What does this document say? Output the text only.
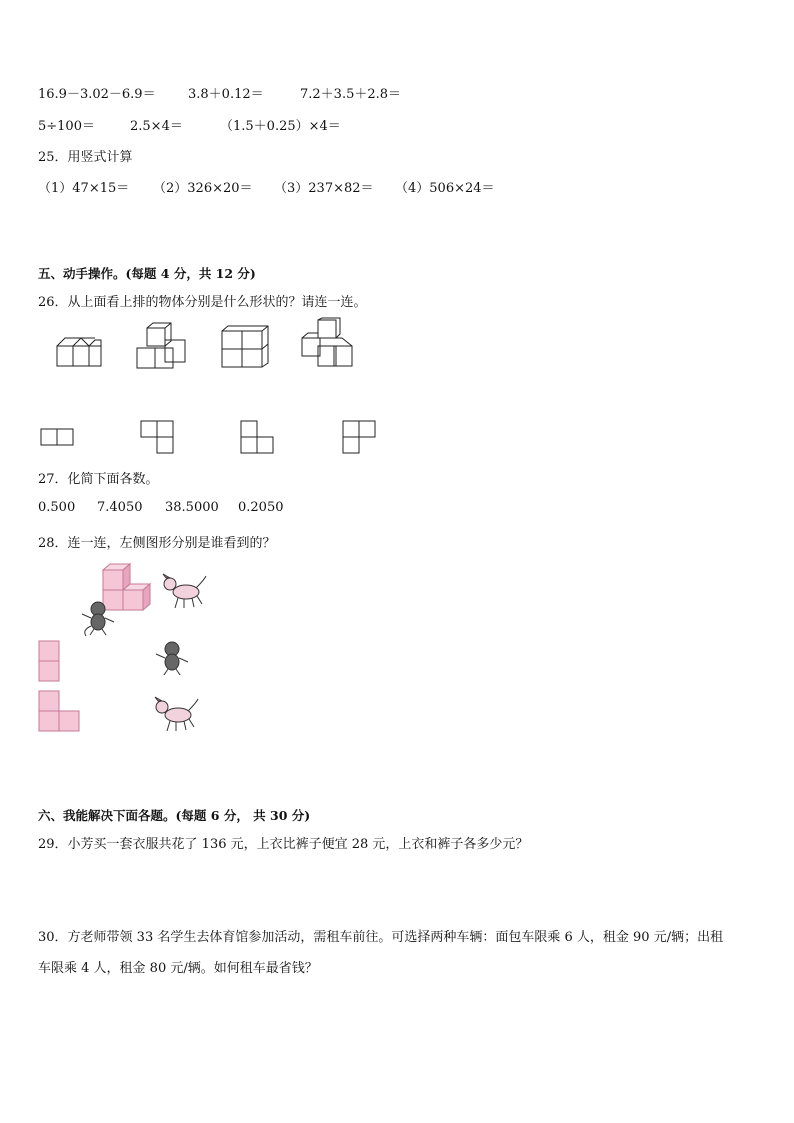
16.9－3.02－6.9＝ 3.8＋0.12＝	7.2＋3.5＋2.8＝
5÷100＝	2.5×4＝	（1.5＋0.25）×4＝
25．用竖式计算
（1）47×15＝ （2）326×20＝ （3）237×82＝ （4）506×24＝
五、动手操作。(每题 4 分，共 12 分)
26．从上面看上排的物体分别是什么形状的？请连一连。
27．化简下面各数。
0.500 7.4050 38.5000 0.2050
28．连一连，左侧图形分别是谁看到的？
六、我能解决下面各题。(每题 6 分， 共 30 分)
29．小芳买一套衣服共花了 136 元，上衣比裤子便宜 28 元，上衣和裤子各多少元？
30．方老师带领 33 名学生去体育馆参加活动，需租车前往。可选择两种车辆：面包车限乘 6 人，租金 90 元/辆；出租
车限乘 4 人，租金 80 元/辆。如何租车最省钱？
